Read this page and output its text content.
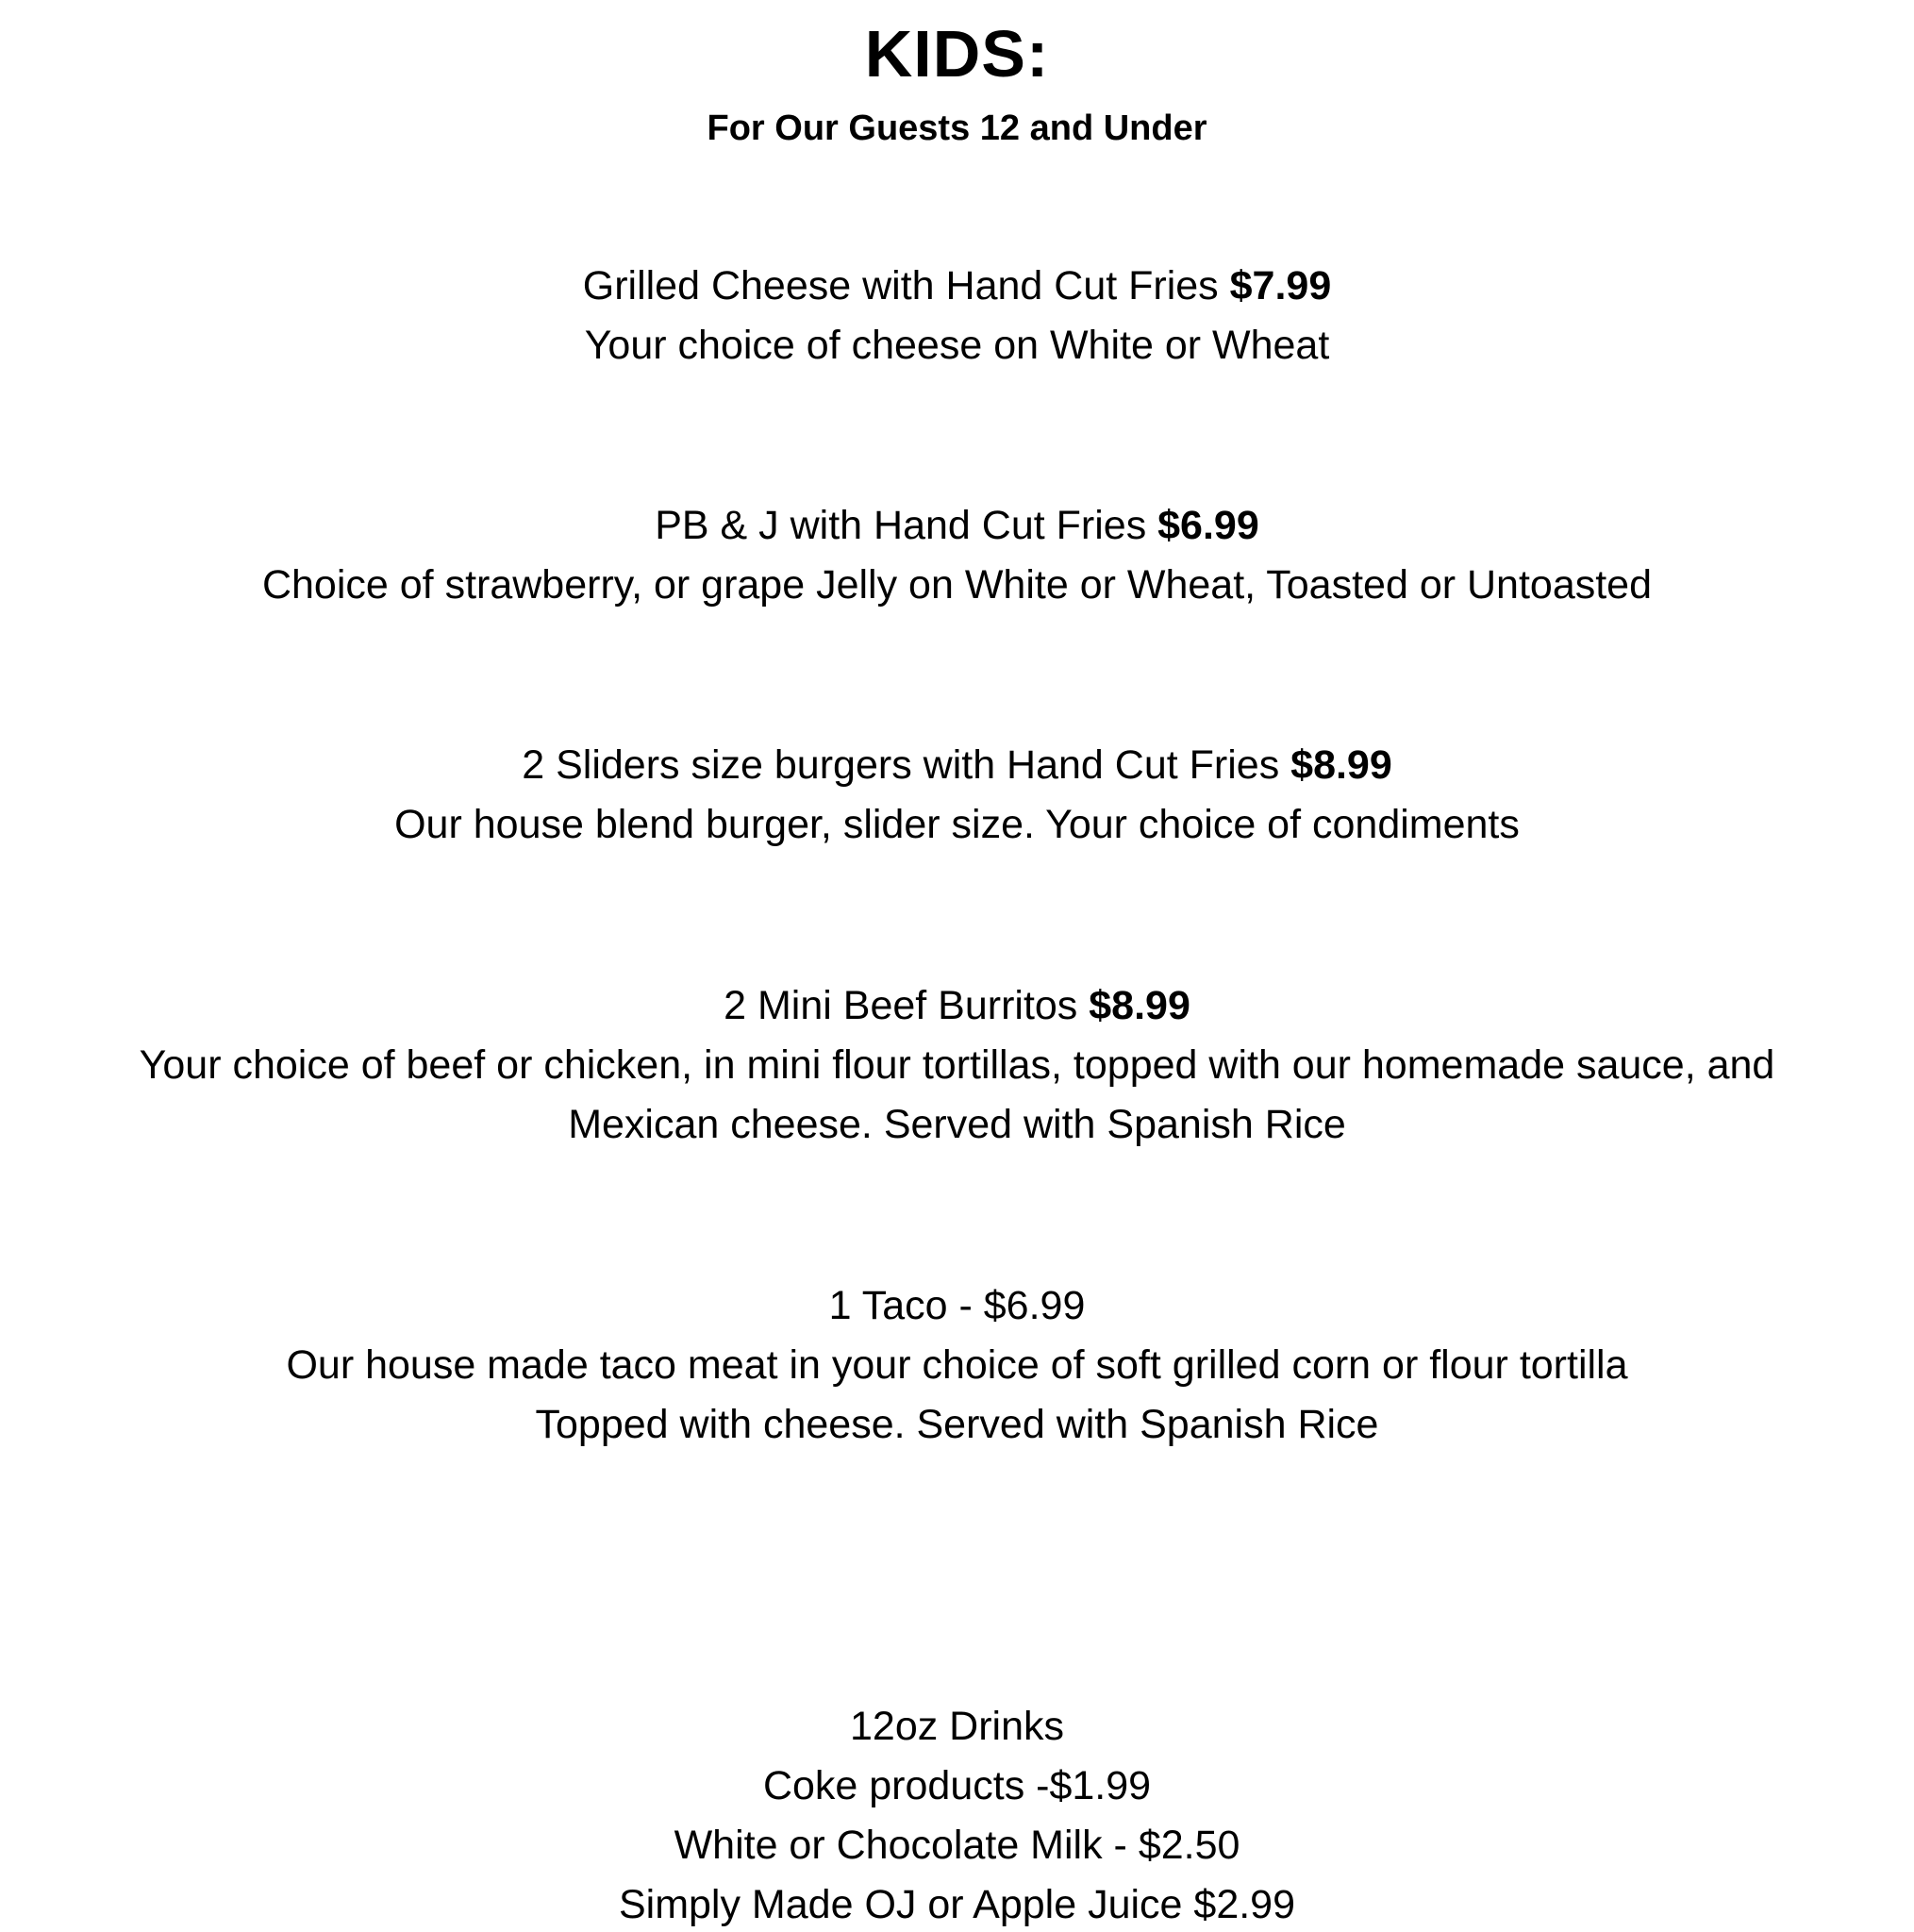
KIDS:
For Our Guests 12 and Under
Grilled Cheese with Hand Cut Fries $7.99
Your choice of cheese on White or Wheat
PB & J with Hand Cut Fries $6.99
Choice of strawberry, or grape Jelly on White or Wheat, Toasted or Untoasted
2 Sliders size burgers with Hand Cut Fries $8.99
Our house blend burger, slider size. Your choice of condiments
2 Mini Beef Burritos $8.99
Your choice of beef or chicken, in mini flour tortillas, topped with our homemade sauce, and
Mexican cheese. Served with Spanish Rice
1 Taco - $6.99
Our house made taco meat in your choice of soft grilled corn or flour tortilla
Topped with cheese. Served with Spanish Rice
12oz Drinks
Coke products -$1.99
White or Chocolate Milk - $2.50
Simply Made OJ or Apple Juice $2.99
